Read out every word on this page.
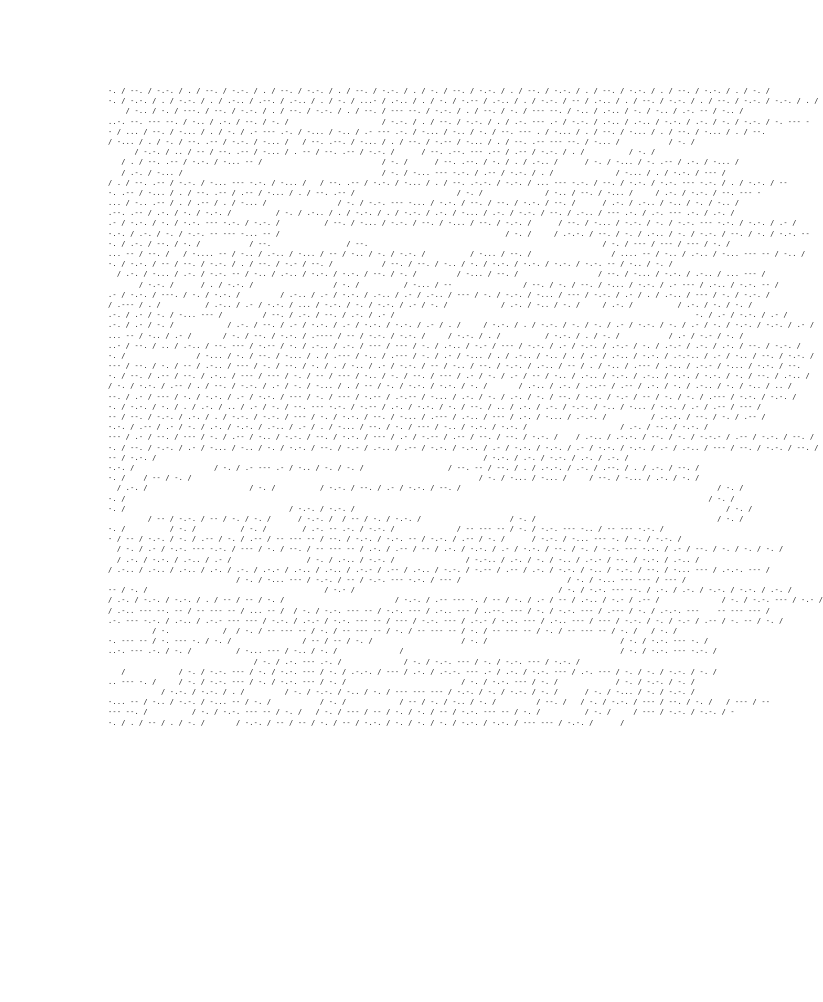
-. / --. / -.-. / . / --. / -.-. / . / --. / -.-. / . / --. / -.-. / . / -. / --. / -.-. / . / --. / -.-. / . / --. / -.-. / . / --. / -.-. / . / -. /
-. / -.-. / . / -.-. / . / .-.. / .--. / .-.. / . / -. / ...- / .-.. / . / -. / -.-- / .-.. / . / -.-. / -- / .-.. / . / --. / -.-. / . / --. / -.-. / -.-. / . /
/ -.. / -. / ---. / --. / -.-. / . / --. / -.-. / . / --. / --- --. / -.-. / . / --. / -. / --- --. / -.. / .-.. / -. / -.. / .-. -- / -.. /
..-. --. --- --. / -.. / .-. / --. / -. /                     / -.-. / . / --. / -.-. / . / .-. --- .- / -.-. / .-.. / .-.. / -.-. / .-. / -. / -.-. / -. --- -
- / ... / --. / -... / . / -. / .- --- .-. / -... / -.. / .- --- .-. / -... / -.. / -. / --. --- . / -... / . / --. / -... / . / --. / -... / . / --.
/ -... / . / -. / --. .-- / -.-. / -... /   / --. .--. / -... / . / --. / -.-- / -... / . / --. .-- --- --. / -... /           / -. /
/ -.-. / .. / -- / --. .-- / -... / . -- / --. .-- / -.-. /      / --. .--. --- .-- / .-- / -.-. / . /          / -. /
/ . / --. .-- / -.-. / -... -- /                           / -. /      / --. .--. / -. / . / .-.. /      / -. / -... / -. .-- / .-. / -... /
/ .-. / -... /                                             / -. / -... --- -.-. / .-- / -.-. / . /              / -... / . / -.-. / --- /
/ . / --. .-- / -.-. / -... --- -.-. / -... /   / --. .-- / -.-. / -... / . / --. .-.-. / -.-. / ... --- -.-. / --. / -.-. / -.-. --- -.-. / . / -.-. / --
-. .-- / -... / . / --. .-- / .-- / -... / . / --. .-- /                       / -. /              / -.. / --. / -... /     / .-. / -.-. / --. --- -
... / -.. .-- / . / .-- / . / -... /                / -. / -.-. --- -... / -.-. / --. / --. / -.-. / --. /      / .-. / .-.. / -.. / -. / -.. /
.--. .-- / .-. / -. / -.-. /          / -. / .-.. / . / -.-. / . / -.-. / .-. / -... / .-. / -.-. / --. / .-.. / --- .-. / .-. --- .-. / .-. /
.- / -.-. / -. / -.-. --- -.-. / -.-. /          / --. / -... / -.-. / --. / -... / --. / -.-. /      / --. / -... / -.-. / -. / -.-. --- -.-. / -.-. / .- /
-.-. / .-. / -. / -.-. -- --- -... -- /                                                   / -. /     / .-.-. / --. / -. / .-.. / -. / -.-. / --. / -. / -.-. --
-. / .-. / --. / -. /           / --.                 / --.                                                     / -. / --- / --- / --- / -. /
... -- / --. /   / -.... -- / -.. / .-.. / -... / -- / -.. / -. / -.-. /          / -... / --. /                  / .... -- / -.. / .-.. / -... --- -- / -.. /
-. / -.-. / -- / --. / -.-. / . / --. / -.- / --. /           / --. / --. / -.. / -. / -.-. / -.-. / -.-. / -.-. -- / -.. / -. /
/ .-. / -... / .-. / -.-. -- / -.. / .-.. / -.-. / -.-. / --. / -. /         / -... / --. /                  / --. / -... / -.-. / .-.. / ... --- /
/ -.-. /      / . / -.-. /                  / -. /          / -... / --                / --. / -. / --. / -... / -.-. / .- --- / .-.. / -.-. -- /
.- / -.-. / ---. / -. / -.-. /         / .-.. / .- / -.-. / .-.. / .- / .-.. / --- / -. / -.-. / -... / --- / -.-. / .- / . / .-.. / --- / -. / -.-. /
/ .--- / . /          / .-.. / .- / -.-. / ... / -.-. / -. / -.-. / .- / -. /            / .-. / -.. / -. /     / .-. /          / .-. / -. / -. /
.-. / .- / -. / -... --- /         / --. / .-. / --. / .-. / .- /                                                                    -. / .- / -.-. / .- /
.-. / .- / -. /            / .-. / --. / .- / -.-. / .- / -.-. / -.-. / .- / . /     / -.-. / . / -.-. / -. / -. / .- / -.-. / -. / .- / -. / -.-. / -.-. / .- /
... -- / -.. / .- /       / -. / --. / -.-. / .---- / -- / -.-. / -.-. /     / -.-. / . /          / -.-. / . / -. /           / .- / -.- / -. /
..- / --. / .. / .-.. / --. --- / -.-- / -. / .-.. / .-. / --- / --- / -. / .-.. / -.- / --- / -.-. / .- / -.-. / .-.- / -. / .-.- / .-. / .-. / --. / -.-. /
-. /                / -... / -. / --. / -... / . / .--- / -.. / .--- / -. / .- / -... / . / .-.. / -.. / . / .- / .-.. / -.-. / .-.-.. / .- / -.. / --. / -.-. /
--- / --. / -. / -- / .-.. / --- / -. / --. / -. / . / -.. / .- / -.-. / -- / -.. / --. / -.-. / .-.. / -- / . / -.. / .--- / .-.. / .-.- / -... / -.-. / --.
-. / --. / .-- / --. / .-.. / --- / --- / -. / -- / --- / -.. / -. / --. / --- / .- / -. / .- / -- / -.. / .-.. / -.-. / .-.. / -.-. / -.-. / -. / --. / .-.. /
/ -. / -.-. / .-- / . / --. / -.-. / .- / -. / -... / . / -- / -. / -.-. / -.-. / -. /       / .-.. / .-. / .-.-- / .-- / .-. / -. / .-.. / -. / -.. / .. /
--. / .- / --- / -. / -.-. / .- / -.-. / --- / -. / --- / -.-- / .-.-- / -... / .-. / -. / .-. / -. / --. / -.-. / -.- / -- / -. / -. / .--- / -.-. / -.-. /
-. / -.-. / -. / . / .-. / .. / .- / -. / --. --- -.-. / -.-- / .-. / -.-. / -. / --. / .. / .-. / .-. / -.-. / -.. / -... / -.-. / .- / .-- / --- /
-- / --. / -.-. / .-. / . / -.-. / -.-. / --- / -. / -.-. / --. / -... / .--- / .-.. / --- / .-. / -... / .-.-. /          / .-.-. / --. / -. / .-- /
-.-. / .-- / .- / -. / .-. / -.-. / .-.. / .- / . / -... / --. / -. / --- / -.. / -.-. / -.-. /                     / .-. / --. / -.-. /
--- / .- / --. / --- / -. / .-- / -.. / -.-. / --. / -.-. / --- / .- / -.-- / .-- / --. / --. / -.-. /    / .-.. / .-.-. / --. / -. / -.-.- / .-- / -.-. / --. /
-. / --. / -.-. / .- / -... / -.. / -. / -.-. / --. / -.- / .-.. / .-- / -.-. / -.-. / .- / -.-. / -.-. / .- / -.-. / -.-. / .- / .-.. / --- / --. / -.-. / --. /
-- / -.-. /                                                                          / -.-. / .-. / -.-. / .-. / .-. /
-.-. /                  / -. / .- --- .- / -.. / -. / -. /                   / --. -- / --. / . / .-.-. / .-. / .--. / . / .-. / --. /
-. /    / -- / -. /                                                                 / -. / -... / -... /     / --. / -... / .-. / -. /
/ .-. /                       / -. /          / -.-. / --. / .- / -.-. / --. /                                                          / -. /
-. /                                                                                                                                    / -. /
-. /                                     / -.-. / -.-. /                                                                                    / -. /
/ -- / -.-. / -- / -. / -. /      / -.-. /  / -- / -. / -.-. /                    / -. /                                         / -. /
-. /          / -. /          / -. /        / .-. -- .-. / -.-. /              / -- --- -- / -. / -.-. --- -.. / -- --- -.-. /
- / -- / -.-. / -. / .-- / -. / .-- / -- --- -- / --. / -.-. / -.-. -- / -.-. / .-- / -. /      / -.-. / -... --- -. / -. / -.-. /
/ -. / .- / -.-. --- -.-. / --- / -. / --. / -- --- -- / .-. / .-- / -- / .-. / -.-. / .- / -.-. / --. / -. / -.-. --- -.-. / .- / --. / -. / -. / -. /
/ .-. / -.-. / .-.. / .- /                 / -. / .-.. / -.-. /                / -.-.. / .-. / -. / -.. / .-.- / --. / -.-. / .-.. /
/ .-.. / .-.. / .-.. / .-. / .-. / .-.- / .-.. / .-.. / .-.- / .-- / .-.. / -.-. / -.-- / .-- / .-. / -.-. / -.. / -.-. / --. / -... --- / .-.-. --- /
/ -. / -... --- / -.-. / -- / -.-. --- -.-. / --- /                        / -. / -... --- --- / --- /
-- / -. /                                        / -.- /                                              / -. / -.-. --- --. / .-. / .-. / -.-. / -.-. / .-. /
/ .-. / -.-. / -.-. / . / -- / -- / -. /                         / -.-. / .-- --- -. / -- / -. / .- / -- / .-.. / -.- / .-- /              / -. / -.-. --- / -.- /
/ .-.. --- --. -- / -- --- -- / ... -- /  / -. / -.-. --- -- / -.-. --- / .-.. --- / ..--. --- / -. / -.-. --- / .--- / -. / .-.-. ---    -- --- --- /
.-. --- -.-. / .-.. / .-.- --- --- / -.-. / .-.- / -.-. --- -- / --- / -.-. --- / .-.- / -.-. --- / .-.. --- / --- / -.-. / -. / -.- / .-- / -. -- / -. /
/ -.            /  / -. / -- --- -- / -. / -- --- -- / -. / -- --- -- / -. / -- --- -- / -. / -- --- -- / -. /   / -. /
-. --- -- / -. --- -. / -. /                / -- / -- / -. /                    / -. /                              / -. / -.-. --- -. /
..-. --- .-. / -. /          / -... --- / -.. / -. /              /                                                 / -. / -.-. --- -.-. /
/ -. / .-. --- .-. /              / -. / -.-. --- / -. / -.-. --- / -.-. /
/            / -. / -.-. --- / -. / -.-. --- / -. / .-.-. / --- / .-. / .-.-. --- .- / .-. / -.-. --- / .-. --- / -. / -. / -.-. / -. /
.. --- -. /     / -. / -.-. --- / -. / -.-. --- / -. /                          / -. / -.-. --- / -. /             / -. / -.-. / -. /
/ -.-. / -.-. / . /         / -. / -.-. / -.. / -. / --- --- --- / -.-. / -. / -.-. / -. /      / -. / -... / -. / -.-. /
-... -- / -.. / -.-. / -... -- / -. /           / -. /            / -- / -. / -.. / -. /         / --. /   / -. / -.-. / --- / --. / -. /   / --- / --
--- --. /          / -. / -.-. --- -- / -. /   / -. / --- / -- / -. / -. / -- / -.-. --- -- / -. /          / -. /     / --- / -.-. / -.-. / -
-. / . / -- / . / -. /       / -.-. / -- / -- / -. / -- / -.-. / -. / -. / -. / -.-. / -.-. / --- --- / -.-. /      /
